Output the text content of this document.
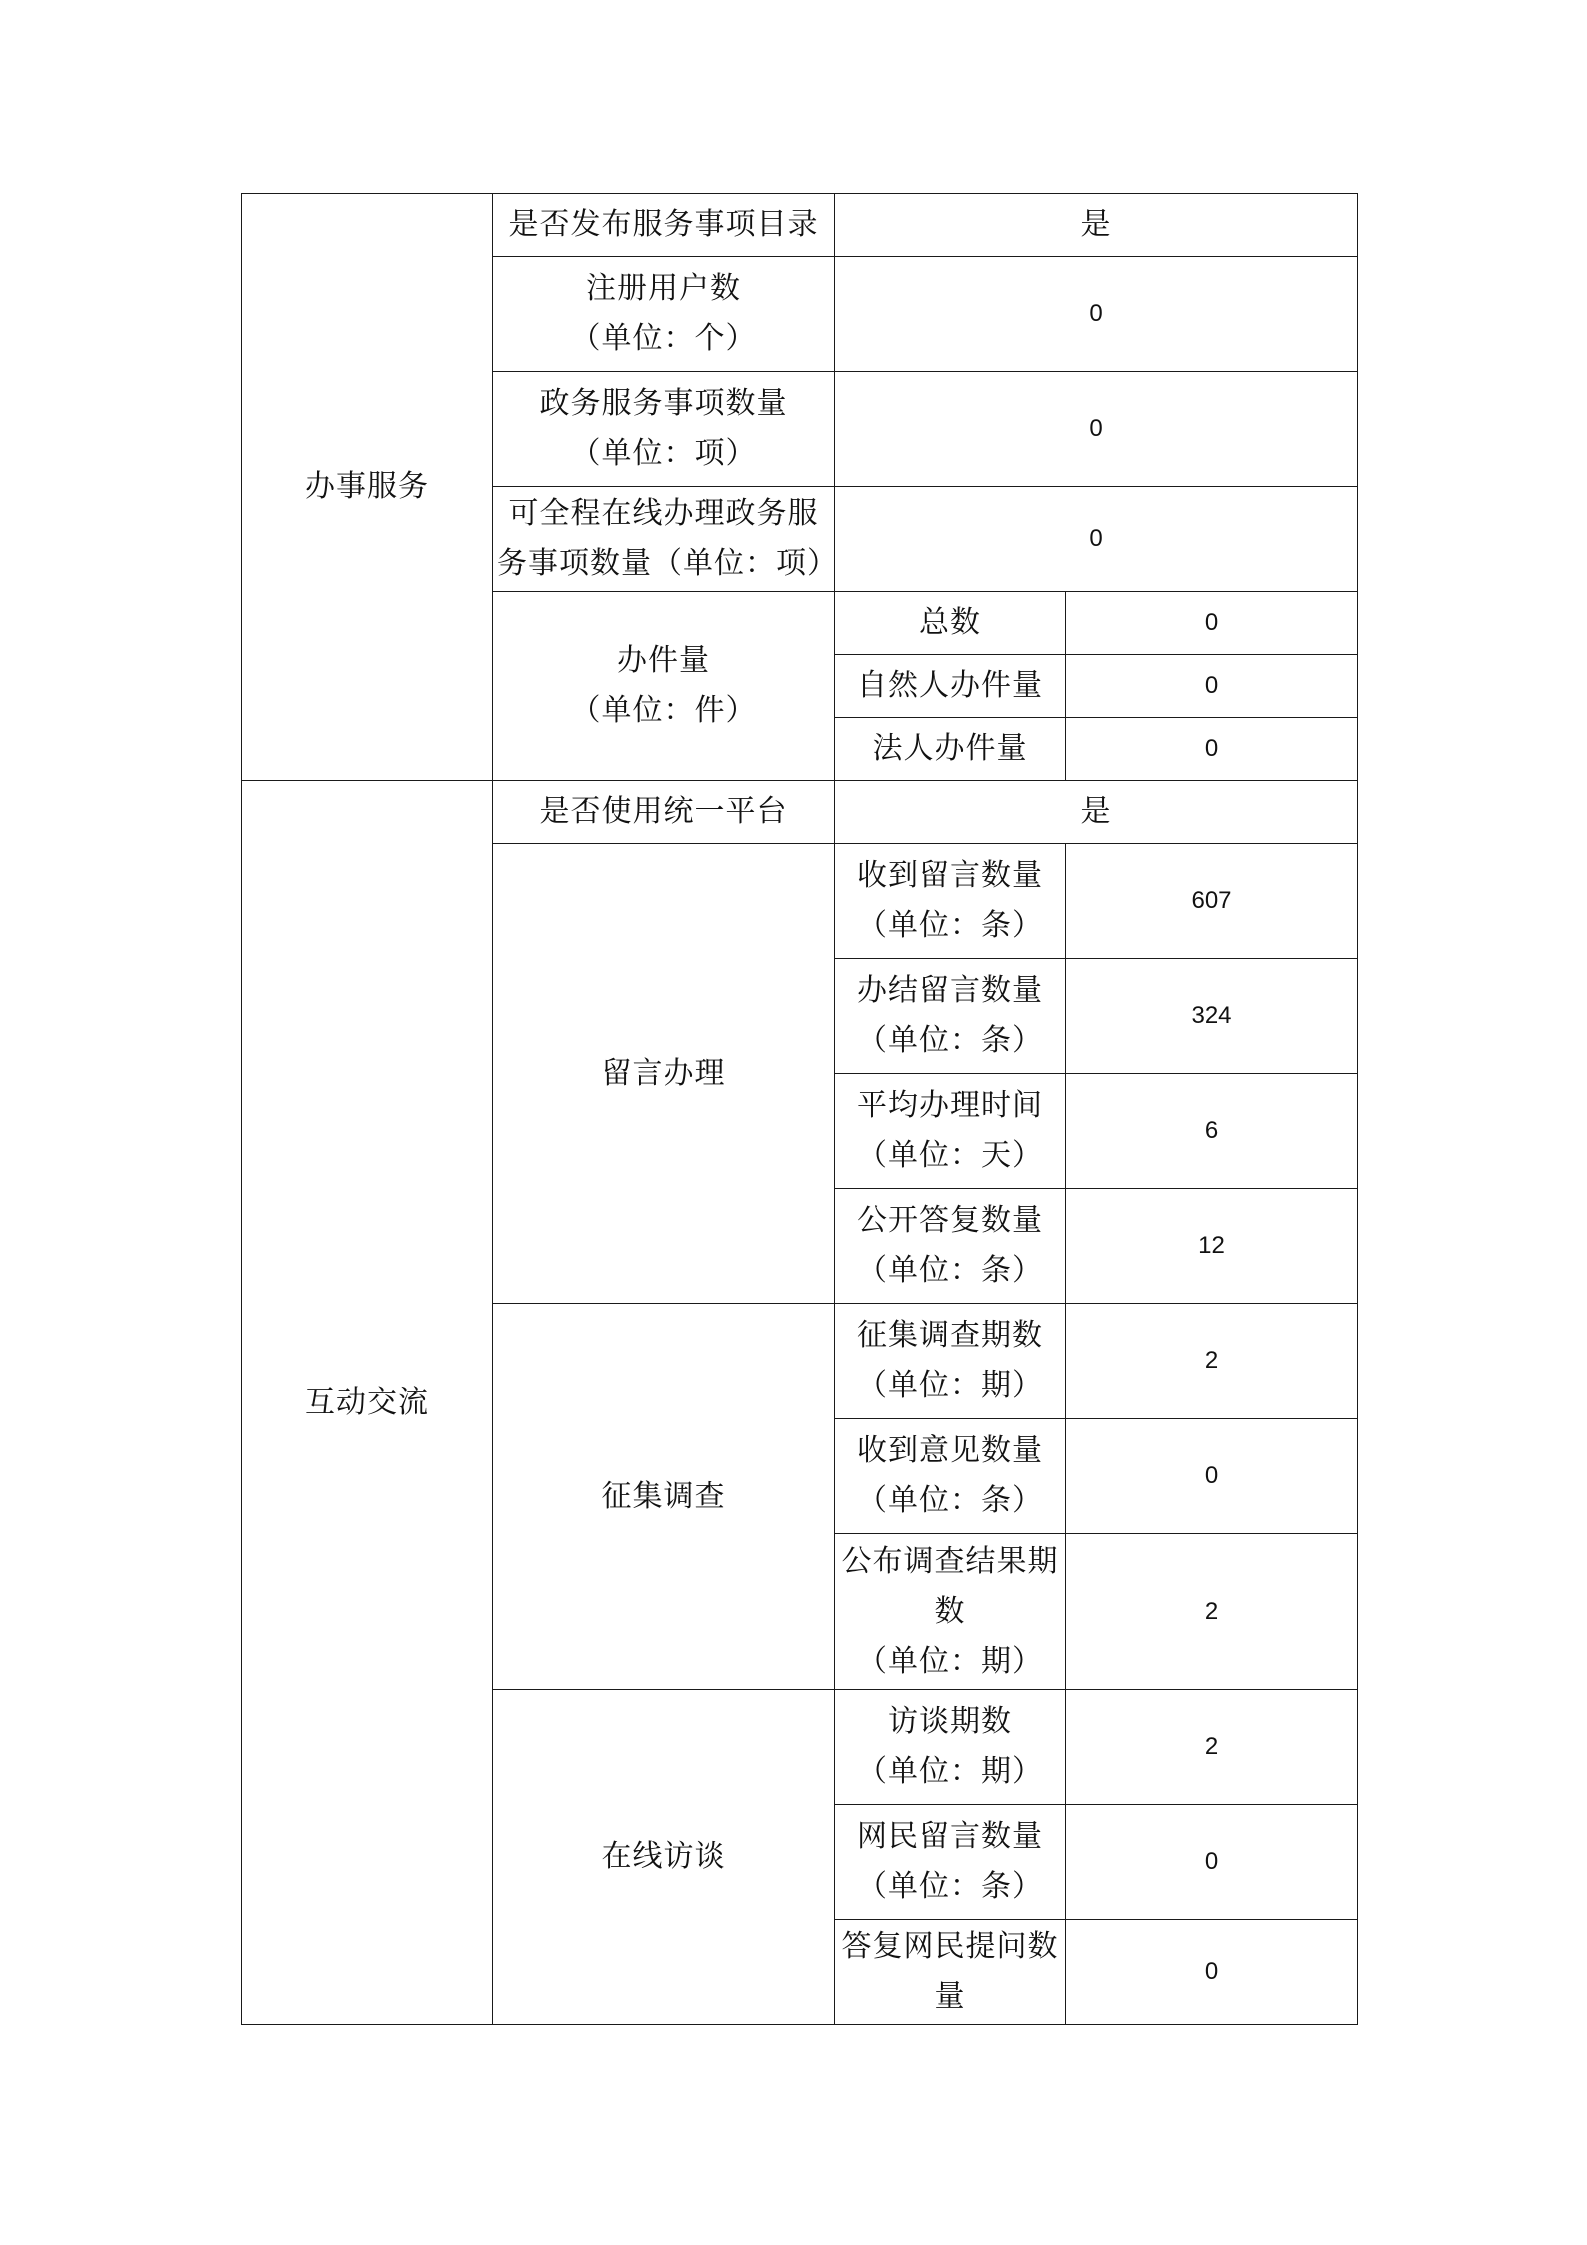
办事服务	是否发布服务事项目录	是	

	注册用户数
（单位：个）	0	

	政务服务事项数量
（单位：项）	0	

	可全程在线办理政务服
务事项数量（单位：项）	0	

	办件量
（单位：件）	总数	0
		自然人办件量	0
		法人办件量	0
互动交流	是否使用统一平台	是	
	留言办理	收到留言数量
（单位：条）	607

		办结留言数量
（单位：条）	324

		平均办理时间
（单位：天）	6

		公开答复数量
（单位：条）	12
	征集调查	征集调查期数
（单位：期）	2

		收到意见数量
（单位：条）	0

		公布调查结果期
数
（单位：期）	2
	在线访谈	访谈期数
（单位：期）	2

		网民留言数量
（单位：条）	0

		答复网民提问数
量	0
